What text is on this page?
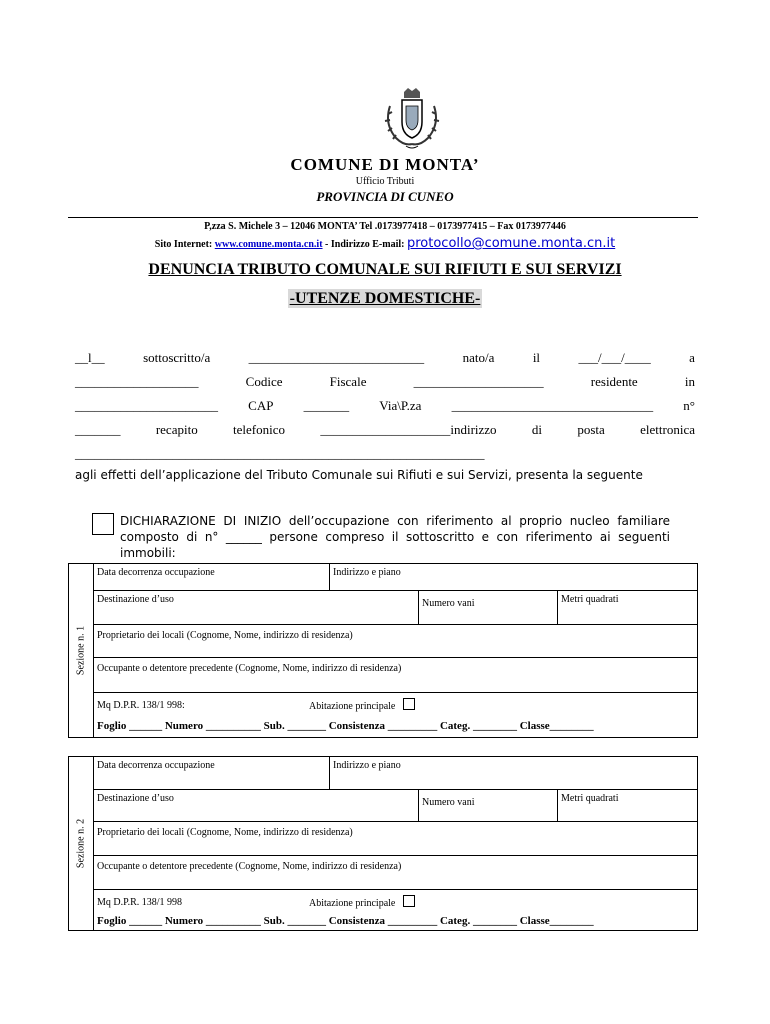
COMUNE DI MONTA’
Ufficio Tributi
PROVINCIA DI CUNEO
P,zza S. Michele 3 – 12046 MONTA’ Tel .0173977418 – 0173977415 – Fax 0173977446
Sito Internet: www.comune.monta.cn.it - Indirizzo E-mail: protocollo@comune.monta.cn.it
DENUNCIA TRIBUTO COMUNALE SUI RIFIUTI E SUI SERVIZI
-UTENZE DOMESTICHE-
__l__	sottoscritto/a	___________________________	nato/a	il	___/___/____	a
___________________	Codice	Fiscale	____________________	residente	in
______________________ CAP _______ Via\P.za _______________________________ n°
_______	recapito	telefonico	____________________indirizzo	di	posta	elettronica
_______________________________________________________________
agli effetti dell’applicazione del Tributo Comunale sui Rifiuti e sui Servizi, presenta la seguente
DICHIARAZIONE DI INIZIO dell’occupazione con riferimento al proprio nucleo familiare composto di n° ______ persone compreso il sottoscritto e con riferimento ai seguenti immobili:
Sezione n. 1
Data decorrenza occupazione	Indirizzo e piano
Destinazione d’uso	Numero vani	Metri quadrati
Proprietario dei locali (Cognome, Nome, indirizzo di residenza)
Occupante o detentore precedente (Cognome, Nome, indirizzo di residenza)
Mq D.P.R. 138/1 998:	Abitazione principale
Foglio ______ Numero __________ Sub. _______ Consistenza _________ Categ. ________ Classe________
Sezione n. 2
Data decorrenza occupazione	Indirizzo e piano
Destinazione d’uso	Numero vani	Metri quadrati
Proprietario dei locali (Cognome, Nome, indirizzo di residenza)
Occupante o detentore precedente (Cognome, Nome, indirizzo di residenza)
Mq D.P.R. 138/1 998	Abitazione principale
Foglio ______ Numero __________ Sub. _______ Consistenza _________ Categ. ________ Classe________
